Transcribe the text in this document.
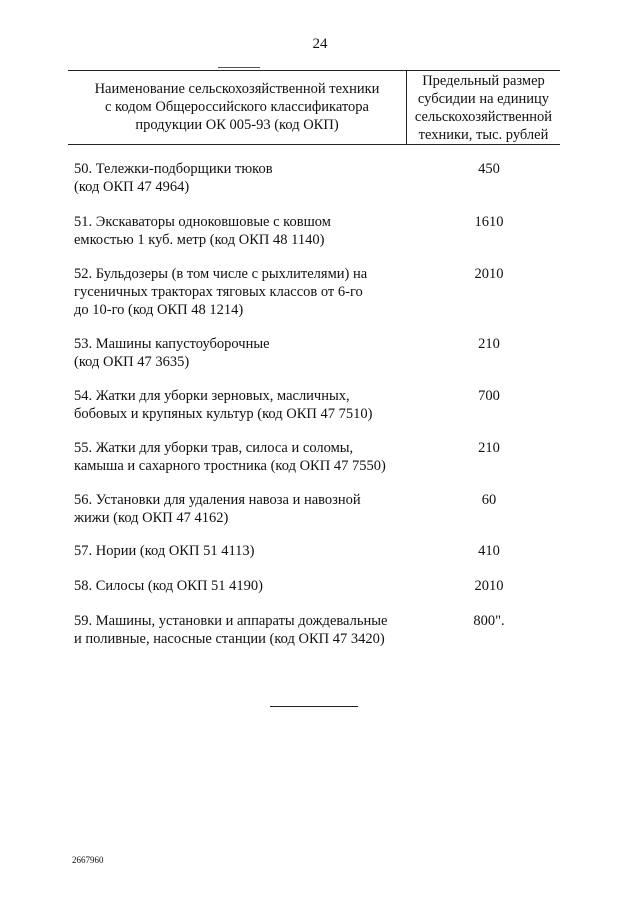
24
Наименование сельскохозяйственной техники
с кодом Общероссийского классификатора
продукции ОК 005-93 (код ОКП)
Предельный размер
субсидии на единицу
сельскохозяйственной
техники, тыс. рублей
50. Тележки-подборщики тюков
(код ОКП 47 4964)
450
51. Экскаваторы одноковшовые с ковшом
емкостью 1 куб. метр (код ОКП 48 1140)
1610
52. Бульдозеры (в том числе с рыхлителями) на
гусеничных тракторах тяговых классов от 6-го
до 10-го (код ОКП 48 1214)
2010
53. Машины капустоуборочные
(код ОКП 47 3635)
210
54. Жатки для уборки зерновых, масличных,
бобовых и крупяных культур (код ОКП 47 7510)
700
55. Жатки для уборки трав, силоса и соломы,
камыша и сахарного тростника (код ОКП 47 7550)
210
56. Установки для удаления навоза и навозной
жижи (код ОКП 47 4162)
60
57. Нории (код ОКП 51 4113)	410
58. Силосы (код ОКП 51 4190)	2010
59. Машины, установки и аппараты дождевальные
и поливные, насосные станции (код ОКП 47 3420)
800".
2667960
